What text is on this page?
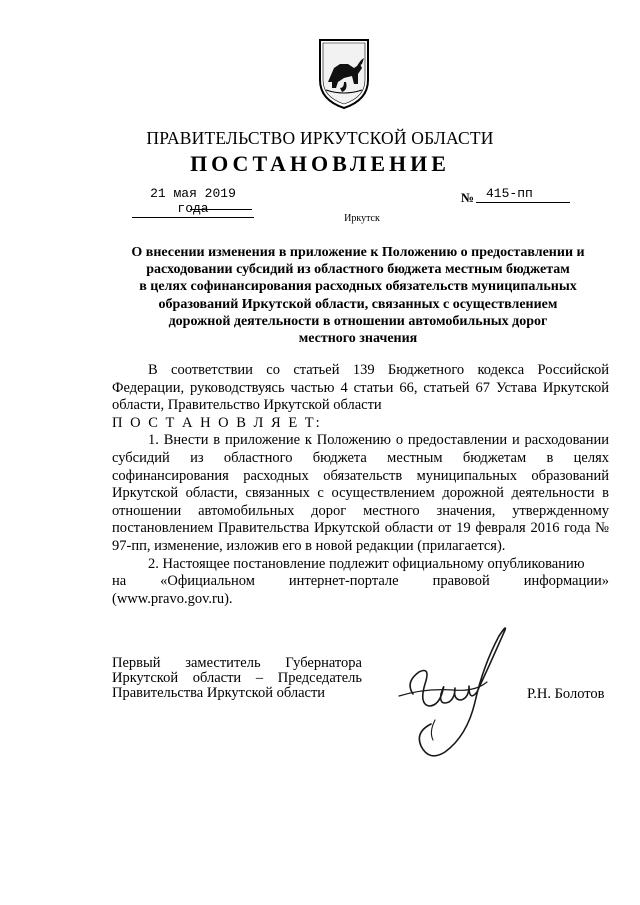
ПРАВИТЕЛЬСТВО ИРКУТСКОЙ ОБЛАСТИ
ПОСТАНОВЛЕНИЕ
21 мая 2019 года
№ 415-пп
Иркутск
О внесении изменения в приложение к Положению о предоставлении и
расходовании субсидий из областного бюджета местным бюджетам
в целях софинансирования расходных обязательств муниципальных
образований Иркутской области, связанных с осуществлением
дорожной деятельности в отношении автомобильных дорог
местного значения

В соответствии со статьей 139 Бюджетного кодекса Российской Федерации, руководствуясь частью 4 статьи 66, статьей 67 Устава Иркутской области, Правительство Иркутской области

П О С Т А Н О В Л Я Е Т:

1. Внести в приложение к Положению о предоставлении и расходовании субсидий из областного бюджета местным бюджетам в целях софинансирования расходных обязательств муниципальных образований Иркутской области, связанных с осуществлением дорожной деятельности в отношении автомобильных дорог местного значения, утвержденному постановлением Правительства Иркутской области от 19 февраля 2016 года № 97-пп, изменение, изложив его в новой редакции (прилагается).

2. Настоящее постановление подлежит официальному опубликованию

на «Официальном интернет-портале правовой информации»

(www.pravo.gov.ru).

Первый заместитель Губернатора
Иркутской области – Председатель
Правительства Иркутской области	Р.Н. Болотов
